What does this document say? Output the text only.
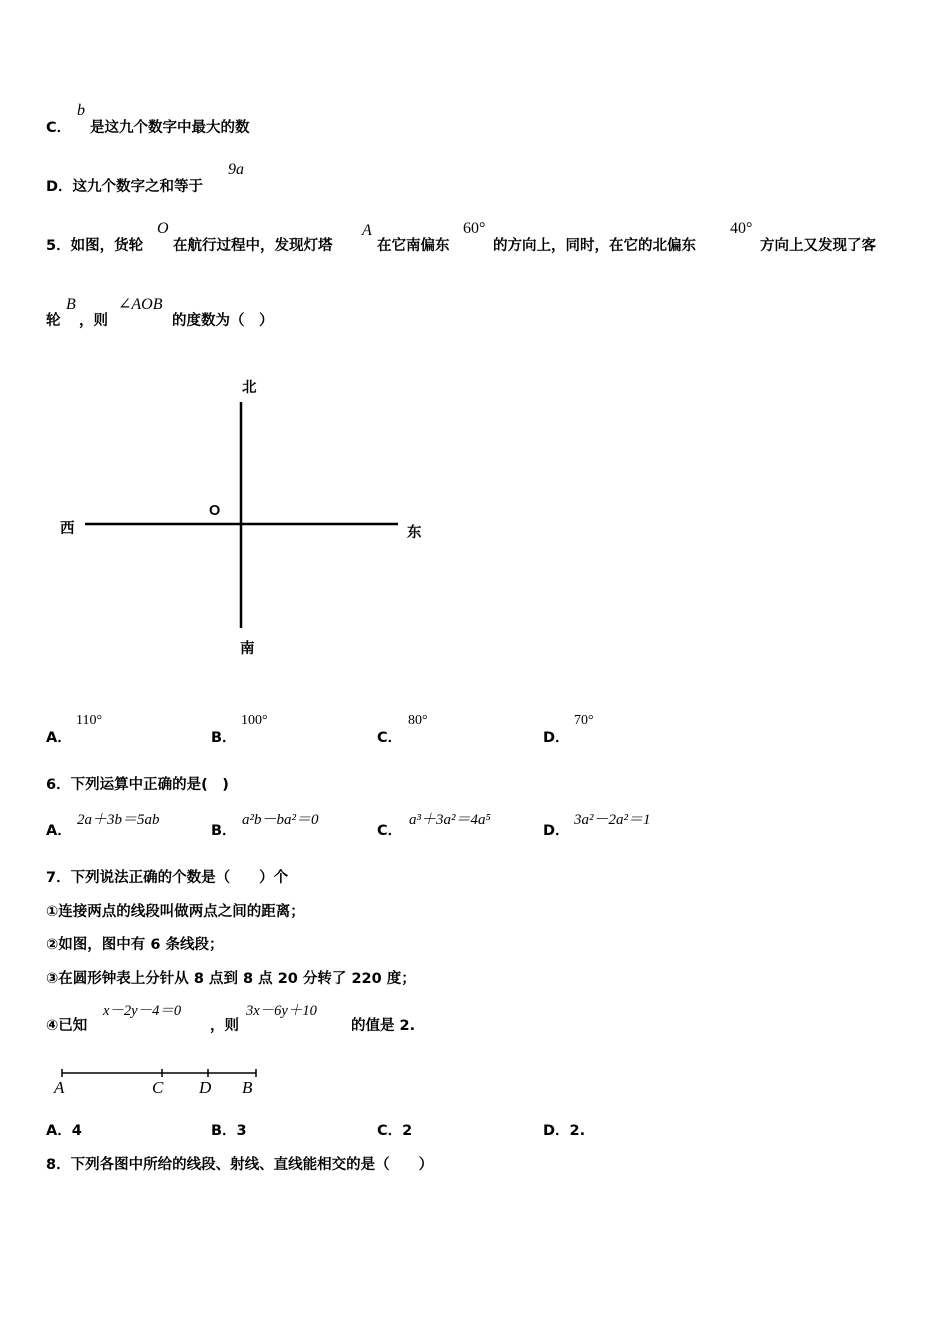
C．
b
是这九个数字中最大的数
D．这九个数字之和等于
9a
5．如图，货轮
O
在航行过程中，发现灯塔
A
在它南偏东
60°
的方向上，同时，在它的北偏东
40°
方向上又发现了客
轮
B
，则
∠AOB
的度数为（　）
北
南
东
西
O
A．
110°
B．
100°
C．
80°
D．
70°
6．下列运算中正确的是(　)
A．
2a＋3b＝5ab
B．
a²b－ba²＝0
C．
a³＋3a²＝4a⁵
D．
3a²－2a²＝1
7．下列说法正确的个数是（　　）个
①连接两点的线段叫做两点之间的距离；
②如图，图中有 6 条线段；
③在圆形钟表上分针从 8 点到 8 点 20 分转了 220 度；
④已知
x－2y－4＝0
，则
3x－6y＋10
的值是 2.
A	C D B
A．4	B．3	C．2	D．2.
8．下列各图中所给的线段、射线、直线能相交的是（　　）
